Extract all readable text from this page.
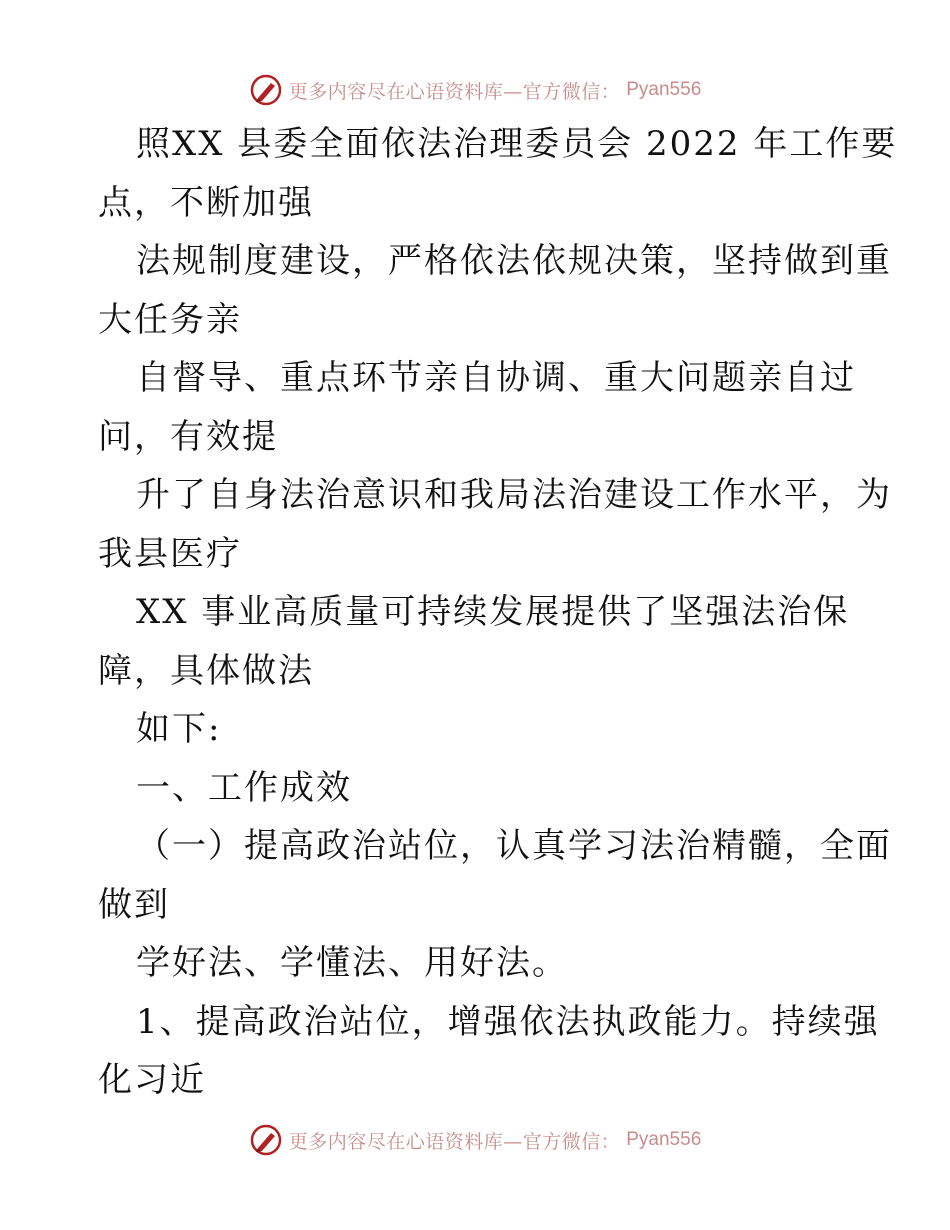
更多内容尽在心语资料库—官方微信： Pyan556
照XX 县委全面依法治理委员会 2022 年工作要
点，不断加强
法规制度建设，严格依法依规决策，坚持做到重
大任务亲
自督导、重点环节亲自协调、重大问题亲自过
问，有效提
升了自身法治意识和我局法治建设工作水平，为
我县医疗
XX 事业高质量可持续发展提供了坚强法治保
障，具体做法
如下:
一、工作成效
（一）提高政治站位，认真学习法治精髓，全面
做到
学好法、学懂法、用好法。
1、提高政治站位，增强依法执政能力。持续强
化习近
更多内容尽在心语资料库—官方微信： Pyan556
